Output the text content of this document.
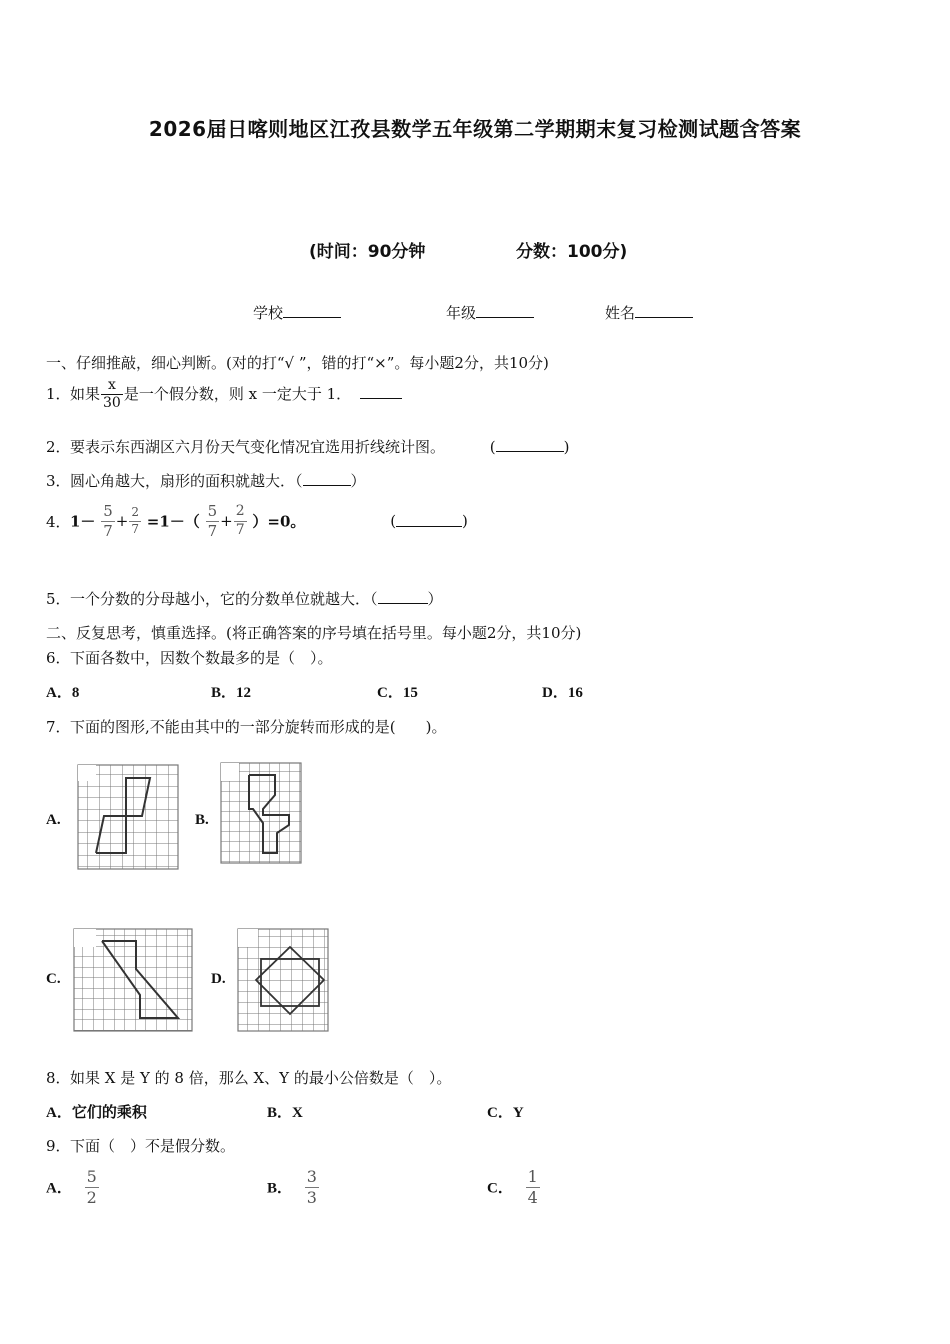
2026届日喀则地区江孜县数学五年级第二学期期末复习检测试题含答案
(时间：90分钟	分数：100分)
学校	年级	姓名
一、仔细推敲，细心判断。(对的打“√ ”，错的打“×”。每小题2分，共10分)
1．如果 $\frac{x}{30}$ 是一个假分数，则 x 一定大于 1．
2．要表示东西湖区六月份天气变化情况宜选用折线统计图。	(	)
3．圆心角越大，扇形的面积就越大．（	）
4．$1- \frac{5}{7} + \frac{2}{7} =1-( \frac{5}{7} + \frac{2}{7} )=0$。	(	)
5．一个分数的分母越小，它的分数单位就越大．（	）
二、反复思考，慎重选择。(将正确答案的序号填在括号里。每小题2分，共10分)
6．下面各数中，因数个数最多的是（　）。
A．8	B．12	C．15	D．16
7．下面的图形,不能由其中的一部分旋转而形成的是(　　)。
A.	B.
C.	D.
8．如果 X 是 Y 的 8 倍，那么 X、Y 的最小公倍数是（　）。
A．它们的乘积	B．X	C．Y
9．下面（　）不是假分数。
A． $\frac{5}{2}$	B． $\frac{3}{3}$	C． $\frac{1}{4}$
